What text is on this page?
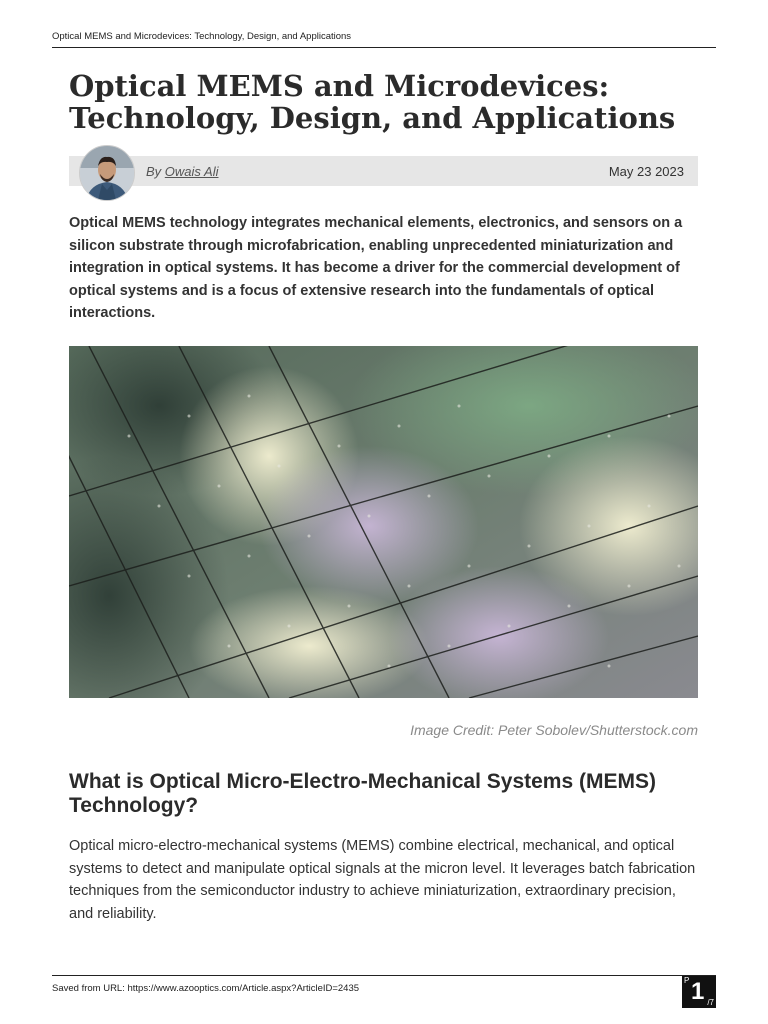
Optical MEMS and Microdevices: Technology, Design, and Applications
Optical MEMS and Microdevices:
Technology, Design, and Applications
By Owais Ali	May 23 2023

Optical MEMS technology integrates mechanical elements, electronics, and sensors on a silicon substrate through microfabrication, enabling unprecedented miniaturization and integration in optical systems. It has become a driver for the commercial development of optical systems and is a focus of extensive research into the fundamentals of optical interactions.

Image Credit: Peter Sobolev/Shutterstock.com
What is Optical Micro-Electro-Mechanical Systems (MEMS) Technology?

Optical micro-electro-mechanical systems (MEMS) combine electrical, mechanical, and optical systems to detect and manipulate optical signals at the micron level. It leverages batch fabrication techniques from the semiconductor industry to achieve miniaturization, extraordinary precision, and reliability.

Saved from URL: https://www.azooptics.com/Article.aspx?ArticleID=2435
P 1 /7
